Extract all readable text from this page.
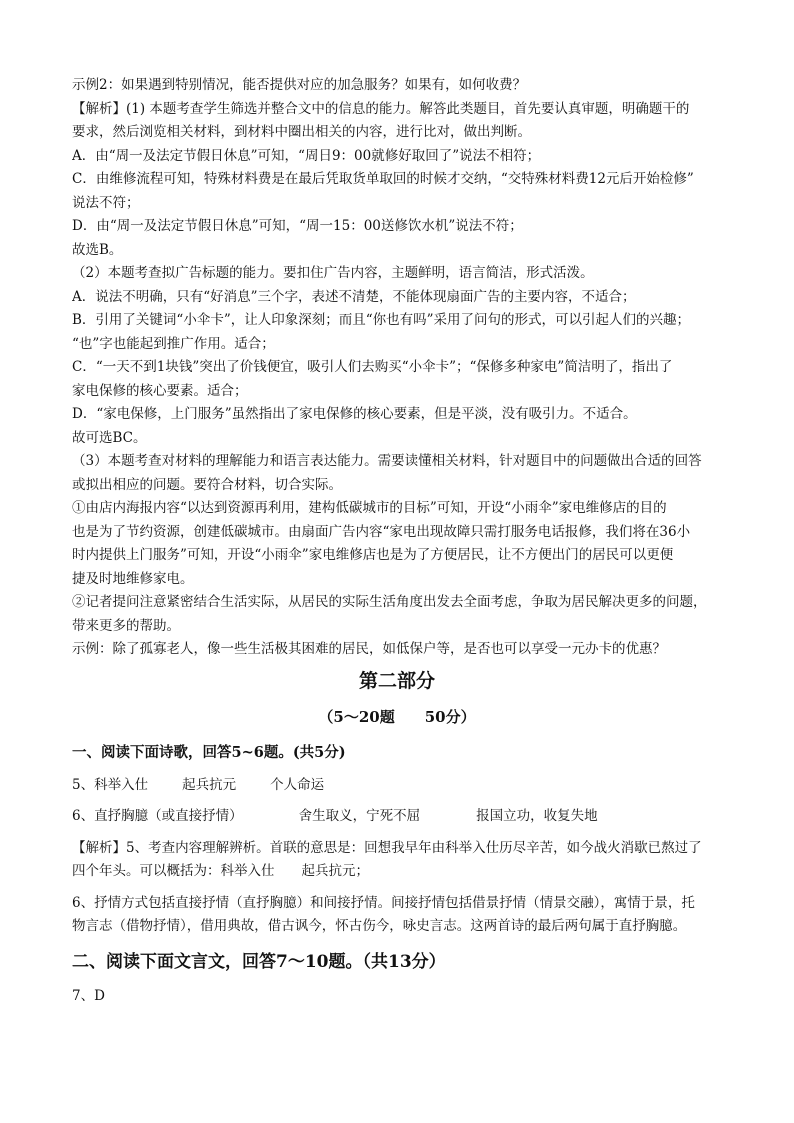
示例2：如果遇到特别情况，能否提供对应的加急服务？如果有，如何收费？

【解析】(1) 本题考查学生筛选并整合文中的信息的能力。解答此类题目，首先要认真审题，明确题干的

要求，然后浏览相关材料，到材料中圈出相关的内容，进行比对，做出判断。

A．由“周一及法定节假日休息”可知，“周日9：00就修好取回了”说法不相符；

C．由维修流程可知，特殊材料费是在最后凭取货单取回的时候才交纳，“交特殊材料费12元后开始检修”

说法不符；

D．由“周一及法定节假日休息”可知，“周一15：00送修饮水机”说法不符；

故选B。

（2）本题考查拟广告标题的能力。要扣住广告内容，主题鲜明，语言简洁，形式活泼。

A．说法不明确，只有“好消息”三个字，表述不清楚，不能体现扇面广告的主要内容，不适合；

B．引用了关键词“小伞卡”，让人印象深刻；而且“你也有吗”采用了问句的形式，可以引起人们的兴趣；

“也”字也能起到推广作用。适合；

C．“一天不到1块钱”突出了价钱便宜，吸引人们去购买“小伞卡”；“保修多种家电”简洁明了，指出了

家电保修的核心要素。适合；

D．“家电保修，上门服务”虽然指出了家电保修的核心要素，但是平淡，没有吸引力。不适合。

故可选BC。

（3）本题考查对材料的理解能力和语言表达能力。需要读懂相关材料，针对题目中的问题做出合适的回答

或拟出相应的问题。要符合材料，切合实际。

①由店内海报内容“以达到资源再利用，建构低碳城市的目标”可知，开设“小雨伞”家电维修店的目的

也是为了节约资源，创建低碳城市。由扇面广告内容“家电出现故障只需打服务电话报修，我们将在36小

时内提供上门服务”可知，开设“小雨伞”家电维修店也是为了方便居民，让不方便出门的居民可以更便

捷及时地维修家电。

②记者提问注意紧密结合生活实际，从居民的实际生活角度出发去全面考虑，争取为居民解决更多的问题，

带来更多的帮助。

示例：除了孤寡老人，像一些生活极其困难的居民，如低保户等，是否也可以享受一元办卡的优惠？

第二部分
（5～20题　　50分）
一、阅读下面诗歌，回答5~6题。(共5分)

5、科举入仕	起兵抗元	个人命运

6、直抒胸臆（或直接抒情）	舍生取义，宁死不屈	报国立功，收复失地

【解析】5、考查内容理解辨析。首联的意思是：回想我早年由科举入仕历尽辛苦，如今战火消歇已熬过了

四个年头。可以概括为：科举入仕　　起兵抗元；

6、抒情方式包括直接抒情（直抒胸臆）和间接抒情。间接抒情包括借景抒情（情景交融），寓情于景，托

物言志（借物抒情），借用典故，借古讽今，怀古伤今，咏史言志。这两首诗的最后两句属于直抒胸臆。

二、阅读下面文言文，回答7～10题。（共13分）

7、D
